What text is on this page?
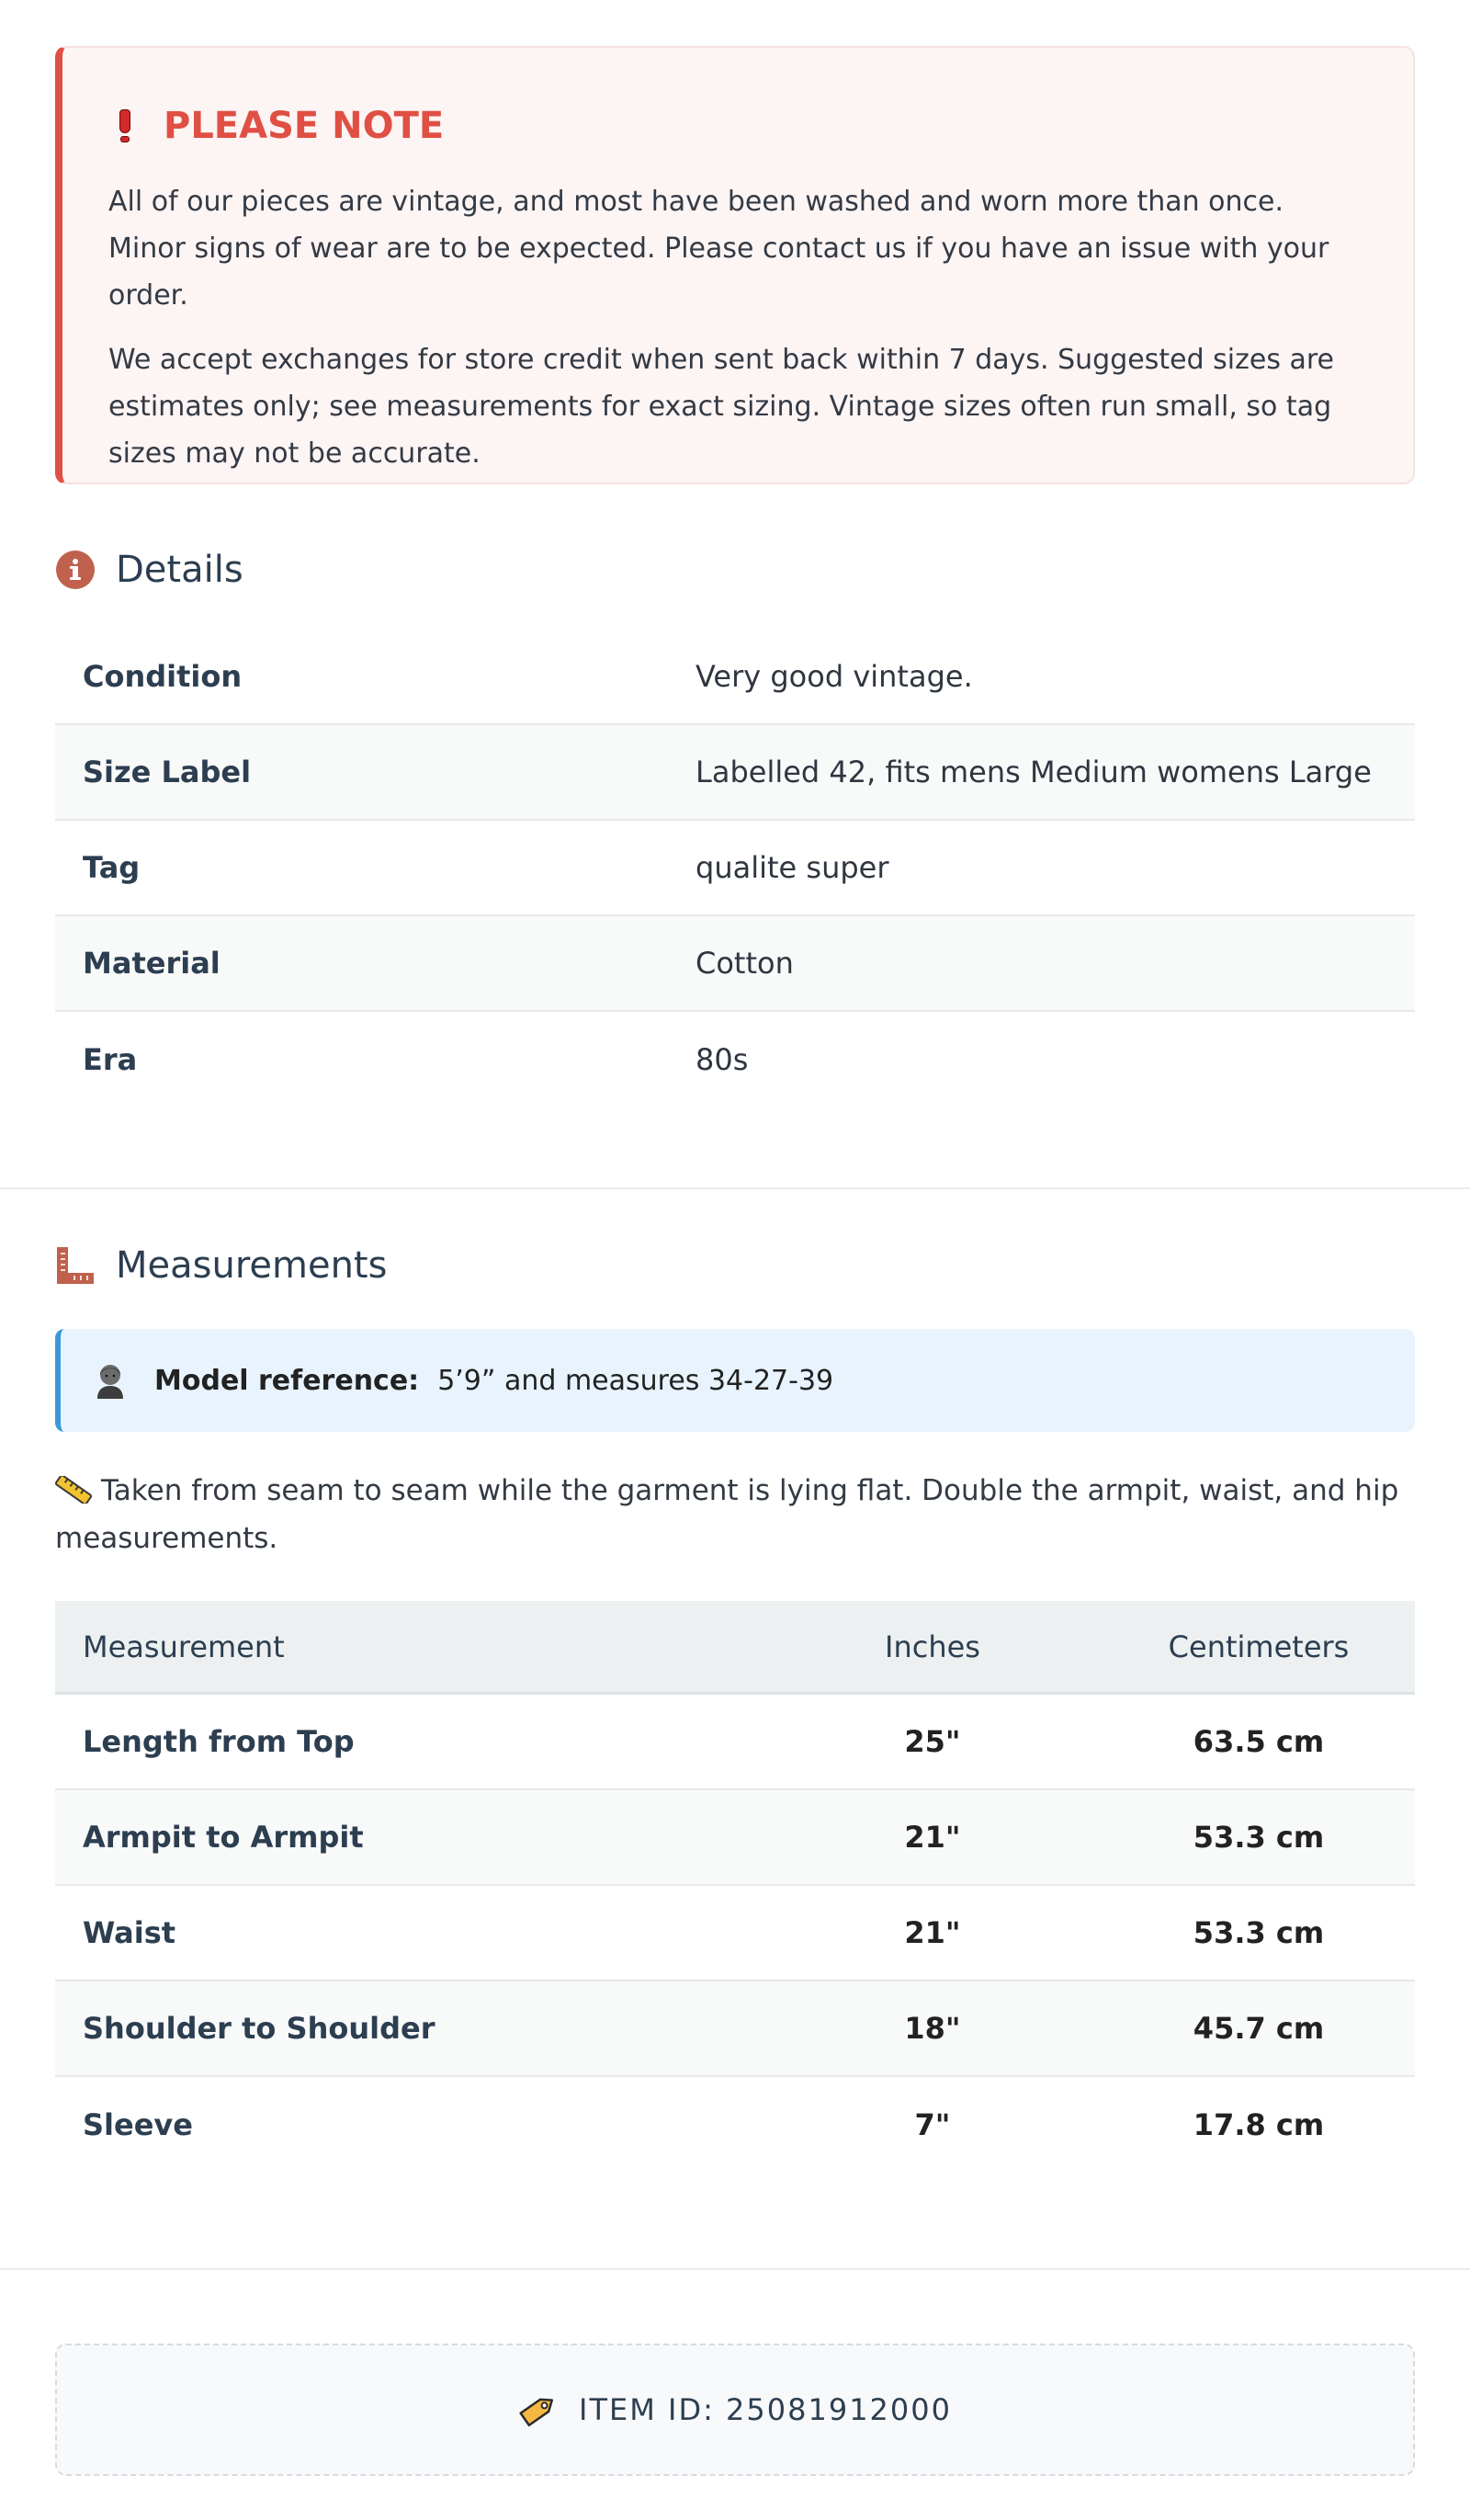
PLEASE NOTE

All of our pieces are vintage, and most have been washed and worn more than once. Minor signs of wear are to be expected. Please contact us if you have an issue with your order.

We accept exchanges for store credit when sent back within 7 days. Suggested sizes are estimates only; see measurements for exact sizing. Vintage sizes often run small, so tag sizes may not be accurate.

Details
Condition	Very good vintage.
Size Label	Labelled 42, fits mens Medium womens Large
Tag	qualite super
Material	Cotton
Era	80s
Measurements
Model reference: 5’9” and measures 34-27-39
Taken from seam to seam while the garment is lying flat. Double the armpit, waist, and hip measurements.
Measurement	Inches	Centimeters
Length from Top	25"	63.5 cm
Armpit to Armpit	21"	53.3 cm
Waist	21"	53.3 cm
Shoulder to Shoulder	18"	45.7 cm
Sleeve	7"	17.8 cm
ITEM ID: 25081912000
